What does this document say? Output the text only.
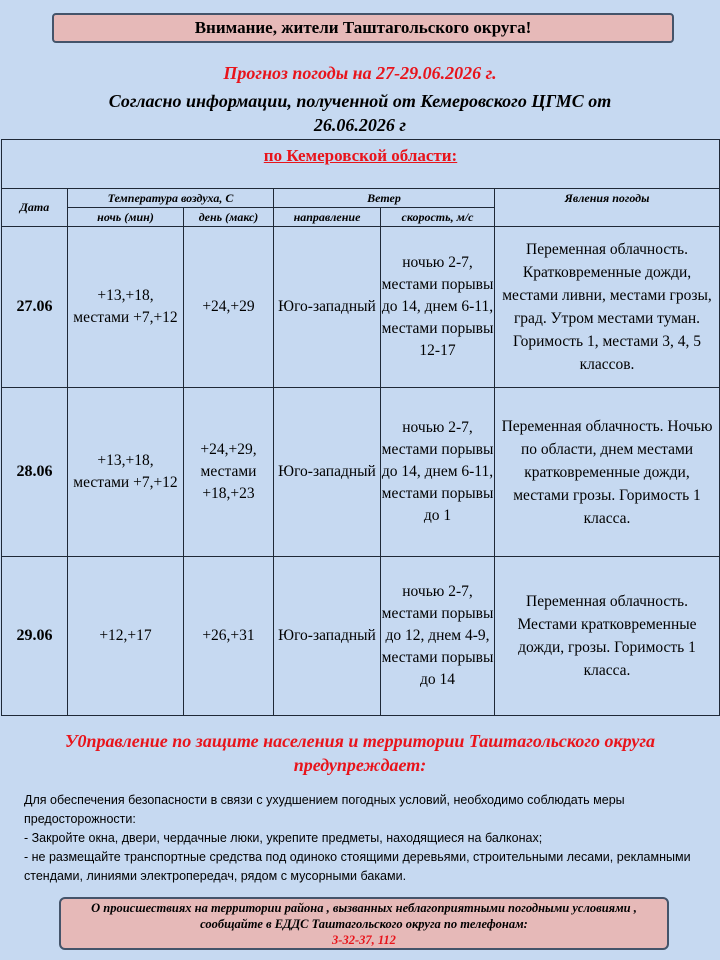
Внимание, жители Таштагольского округа!
Прогноз погоды на 27-29.06.2026 г.
Согласно информации, полученной от Кемеровского ЦГМС от
26.06.2026 г
по Кемеровской области:					
Дата	Температура воздуха, С		Ветер		Явления погоды
	ночь (мин)	день (макс)	направление	скорость, м/с	
27.06	+13,+18, местами +7,+12	+24,+29	Юго-западный	ночью 2-7, местами порывы до 14, днем 6-11, местами порывы 12-17	Переменная облачность. Кратковременные дожди, местами ливни, местами грозы, град. Утром местами туман. Горимость 1, местами 3, 4, 5 классов.
28.06	+13,+18, местами +7,+12	+24,+29, местами +18,+23	Юго-западный	ночью 2-7, местами порывы до 14, днем 6-11, местами порывы до 1	Переменная облачность. Ночью по области, днем местами кратковременные дожди, местами грозы. Горимость 1 класса.
29.06	+12,+17	+26,+31	Юго-западный	ночью 2-7, местами порывы до 12, днем 4-9, местами порывы до 14	Переменная облачность. Местами кратковременные дожди, грозы. Горимость 1 класса.
У0правление по защите населения и территории Таштагольского округа предупреждает:

Для обеспечения безопасности в связи с ухудшением погодных условий, необходимо соблюдать меры предосторожности:

- Закройте окна, двери, чердачные люки, укрепите предметы, находящиеся на балконах;

- не размещайте транспортные средства под одиноко стоящими деревьями, строительными лесами, рекламными стендами, линиями электропередач, рядом с мусорными баками.

О происшествиях на территории района , вызванных неблагоприятными погодными условиями , сообщайте в ЕДДС Таштагольского округа по телефонам:
3-32-37, 112
